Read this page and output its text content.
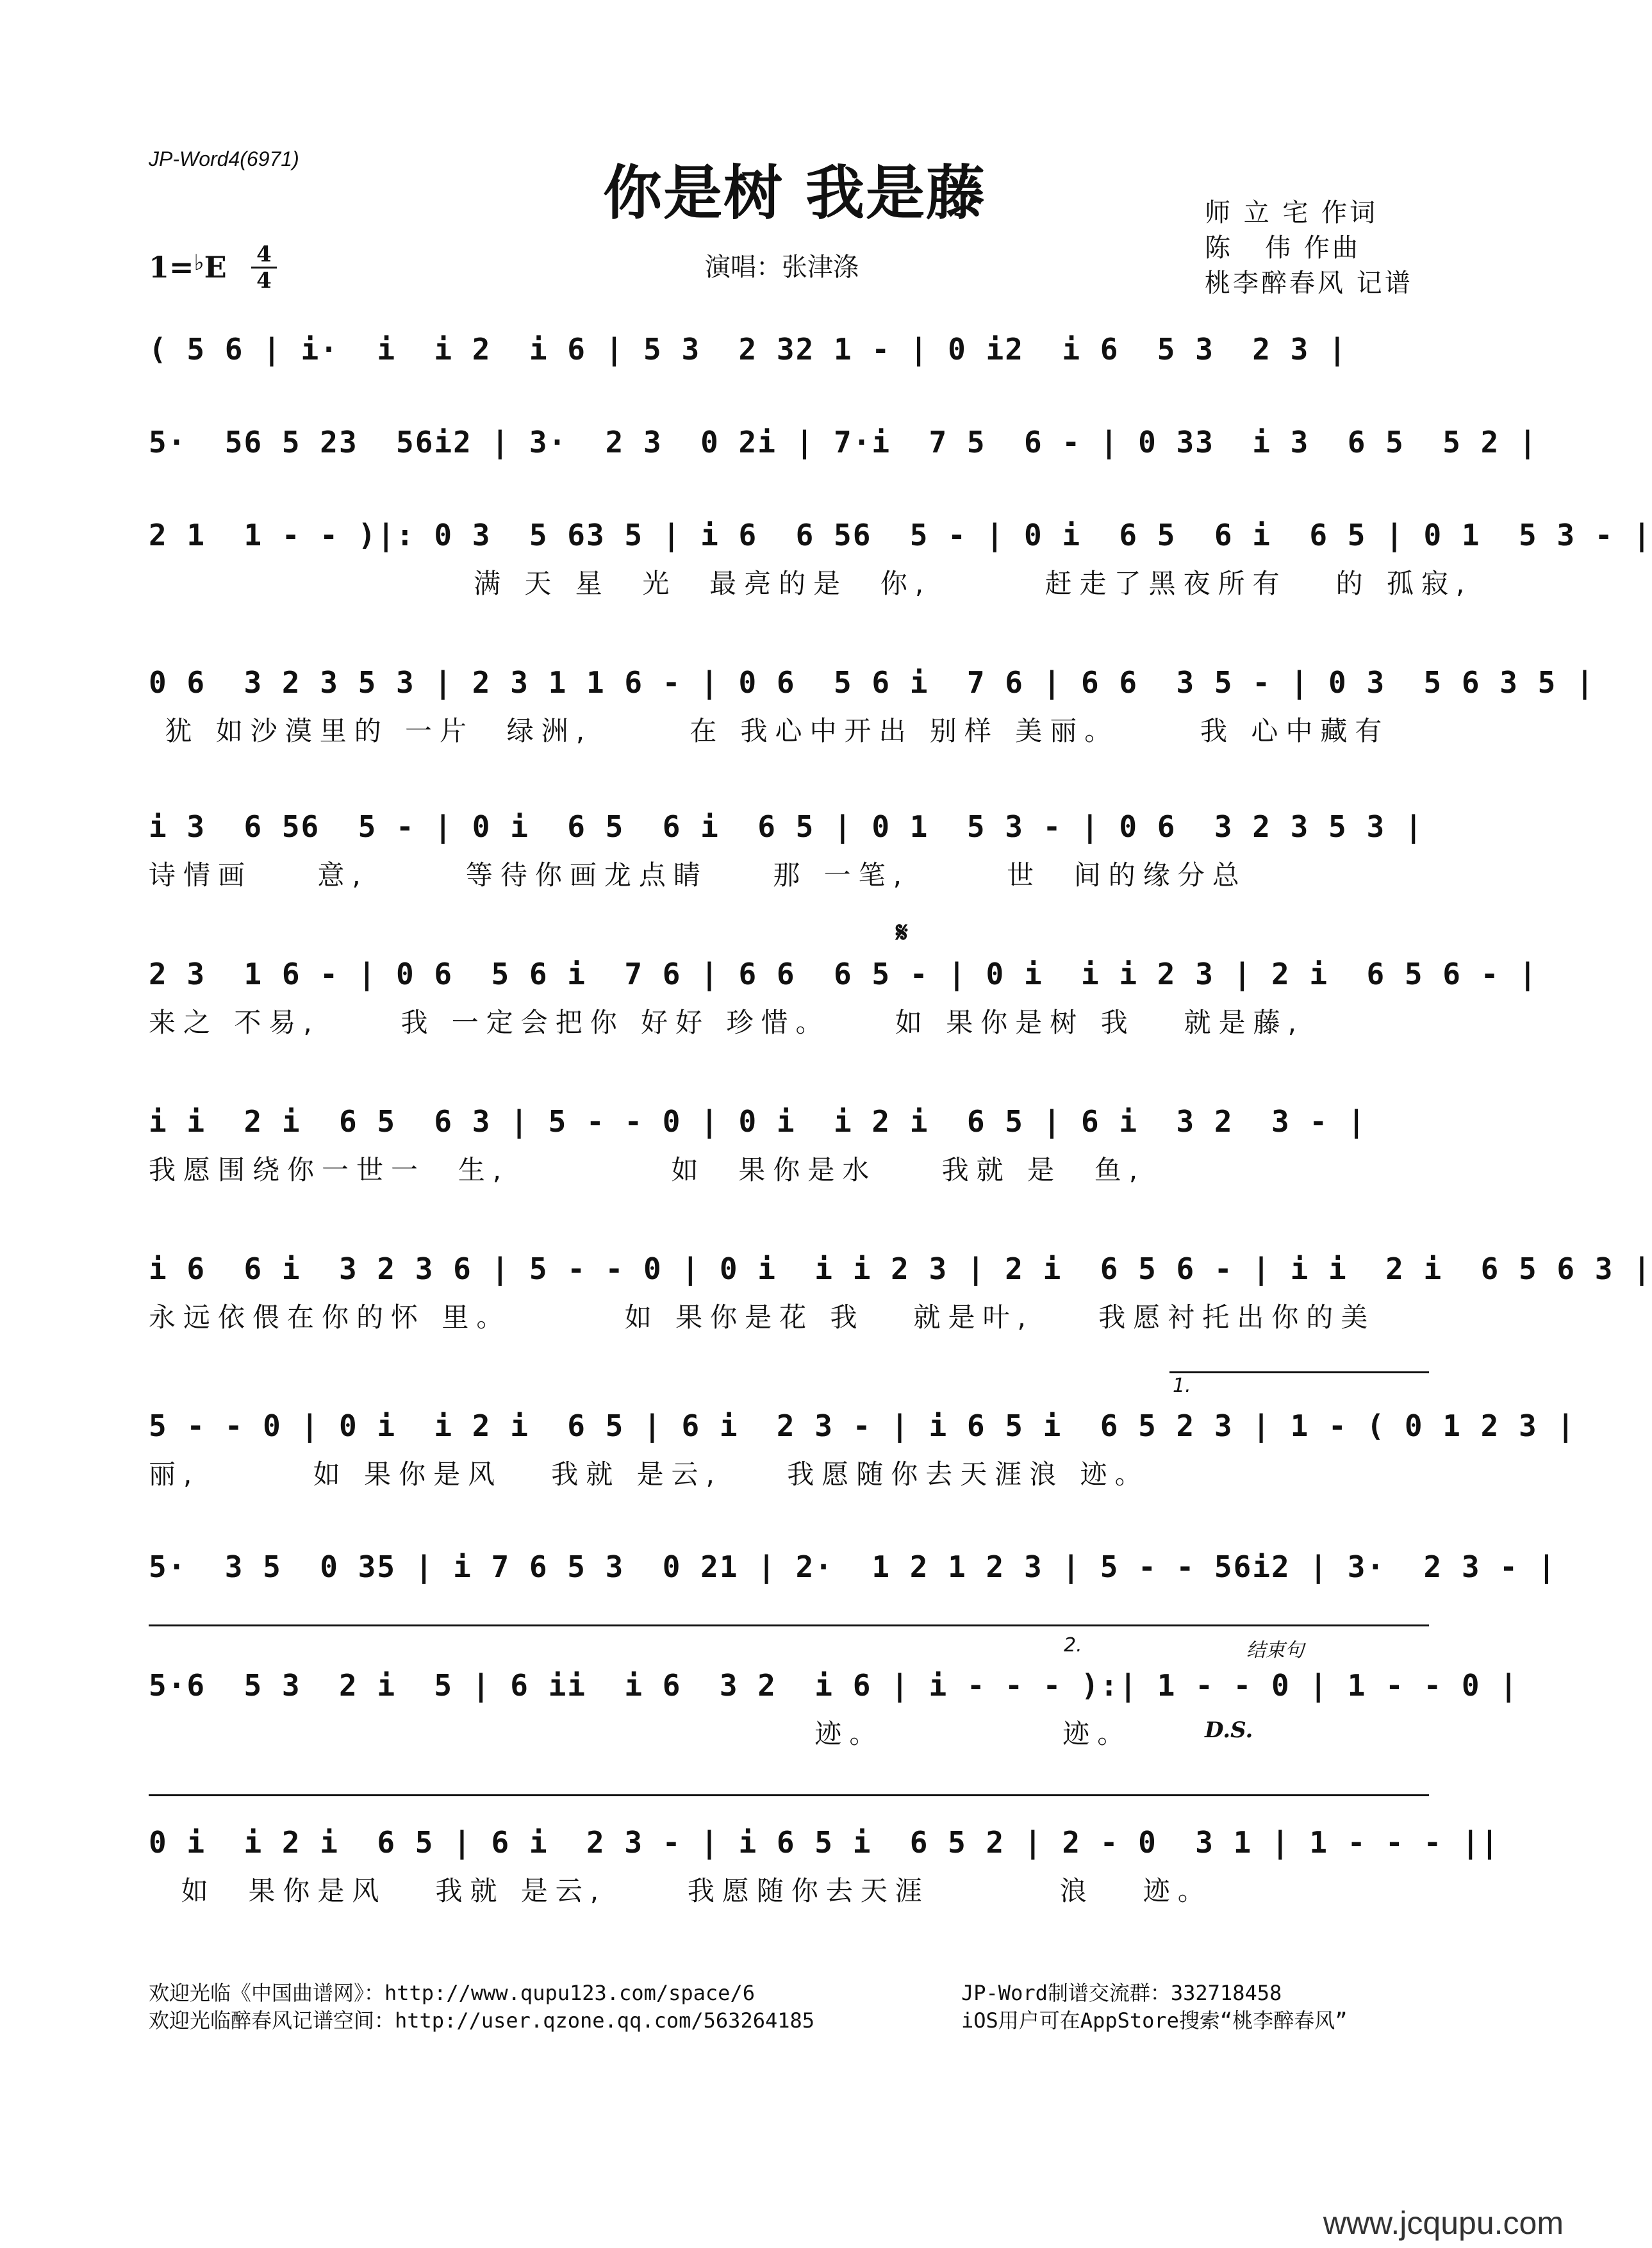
JP-Word4(6971)	你是树 我是藤
演唱：张津涤
师 立 宅 作词
陈   伟 作曲
桃李醉春风 记谱
$1=^♭E \frac{4}{4}$
( 5 6 | i·  i  i 2  i 6 | 5 3  2 32 1 - | 0 i2  i 6  5 3  2 3 |
5·  56 5 23  56i2 | 3·  2 3  0 2i | 7·i  7 5  6 - | 0 33  i 3  6 5  5 2 |
2 1  1 - - )|: 0 3  5 63 5 | i 6  6 56  5 - | 0 i  6 5  6 i  6 5 | 0 1  5 3 - |
满 天 星  光  最亮的是  你,       赶走了黑夜所有   的 孤寂,
0 6  3 2 3 5 3 | 2 3 1 1 6 - | 0 6  5 6 i  7 6 | 6 6  3 5 - | 0 3  5 6 3 5 |
犹 如沙漠里的 一片  绿洲,      在 我心中开出 别样 美丽。     我 心中藏有
i 3  6 56  5 - | 0 i  6 5  6 i  6 5 | 0 1  5 3 - | 0 6  3 2 3 5 3 |
诗情画    意,      等待你画龙点睛    那 一笔,      世  间的缘分总
𝄋
2 3  1 6 - | 0 6  5 6 i  7 6 | 6 6  6 5 - | 0 i  i i 2 3 | 2 i  6 5 6 - |
来之 不易,     我 一定会把你 好好 珍惜。    如 果你是树 我   就是藤,
i i  2 i  6 5  6 3 | 5 - - 0 | 0 i  i 2 i  6 5 | 6 i  3 2  3 - |
我愿围绕你一世一  生,          如  果你是水    我就 是  鱼,
i 6  6 i  3 2 3 6 | 5 - - 0 | 0 i  i i 2 3 | 2 i  6 5 6 - | i i  2 i  6 5 6 3 |
永远依偎在你的怀 里。       如 果你是花 我   就是叶,    我愿衬托出你的美
1.
5 - - 0 | 0 i  i 2 i  6 5 | 6 i  2 3 - | i 6 5 i  6 5 2 3 | 1 - ( 0 1 2 3 |
丽,       如 果你是风   我就 是云,    我愿随你去天涯浪 迹。
5·  3 5  0 35 | i 7 6 5 3  0 21 | 2·  1 2 1 2 3 | 5 - - 56i2 | 3·  2 3 - |
2.	结束句
5·6  5 3  2 i  5 | 6 ii  i 6  3 2  i 6 | i - - - ):| 1 - - 0 | 1 - - 0 |
迹。           迹。	D.S.
0 i  i 2 i  6 5 | 6 i  2 3 - | i 6 5 i  6 5 2 | 2 - 0  3 1 | 1 - - - ||
如  果你是风   我就 是云,     我愿随你去天涯        浪   迹。
欢迎光临《中国曲谱网》：http://www.qupu123.com/space/6
欢迎光临醉春风记谱空间：http://user.qzone.qq.com/563264185
JP-Word制谱交流群：332718458
iOS用户可在AppStore搜索“桃李醉春风”
www.jcqupu.com
